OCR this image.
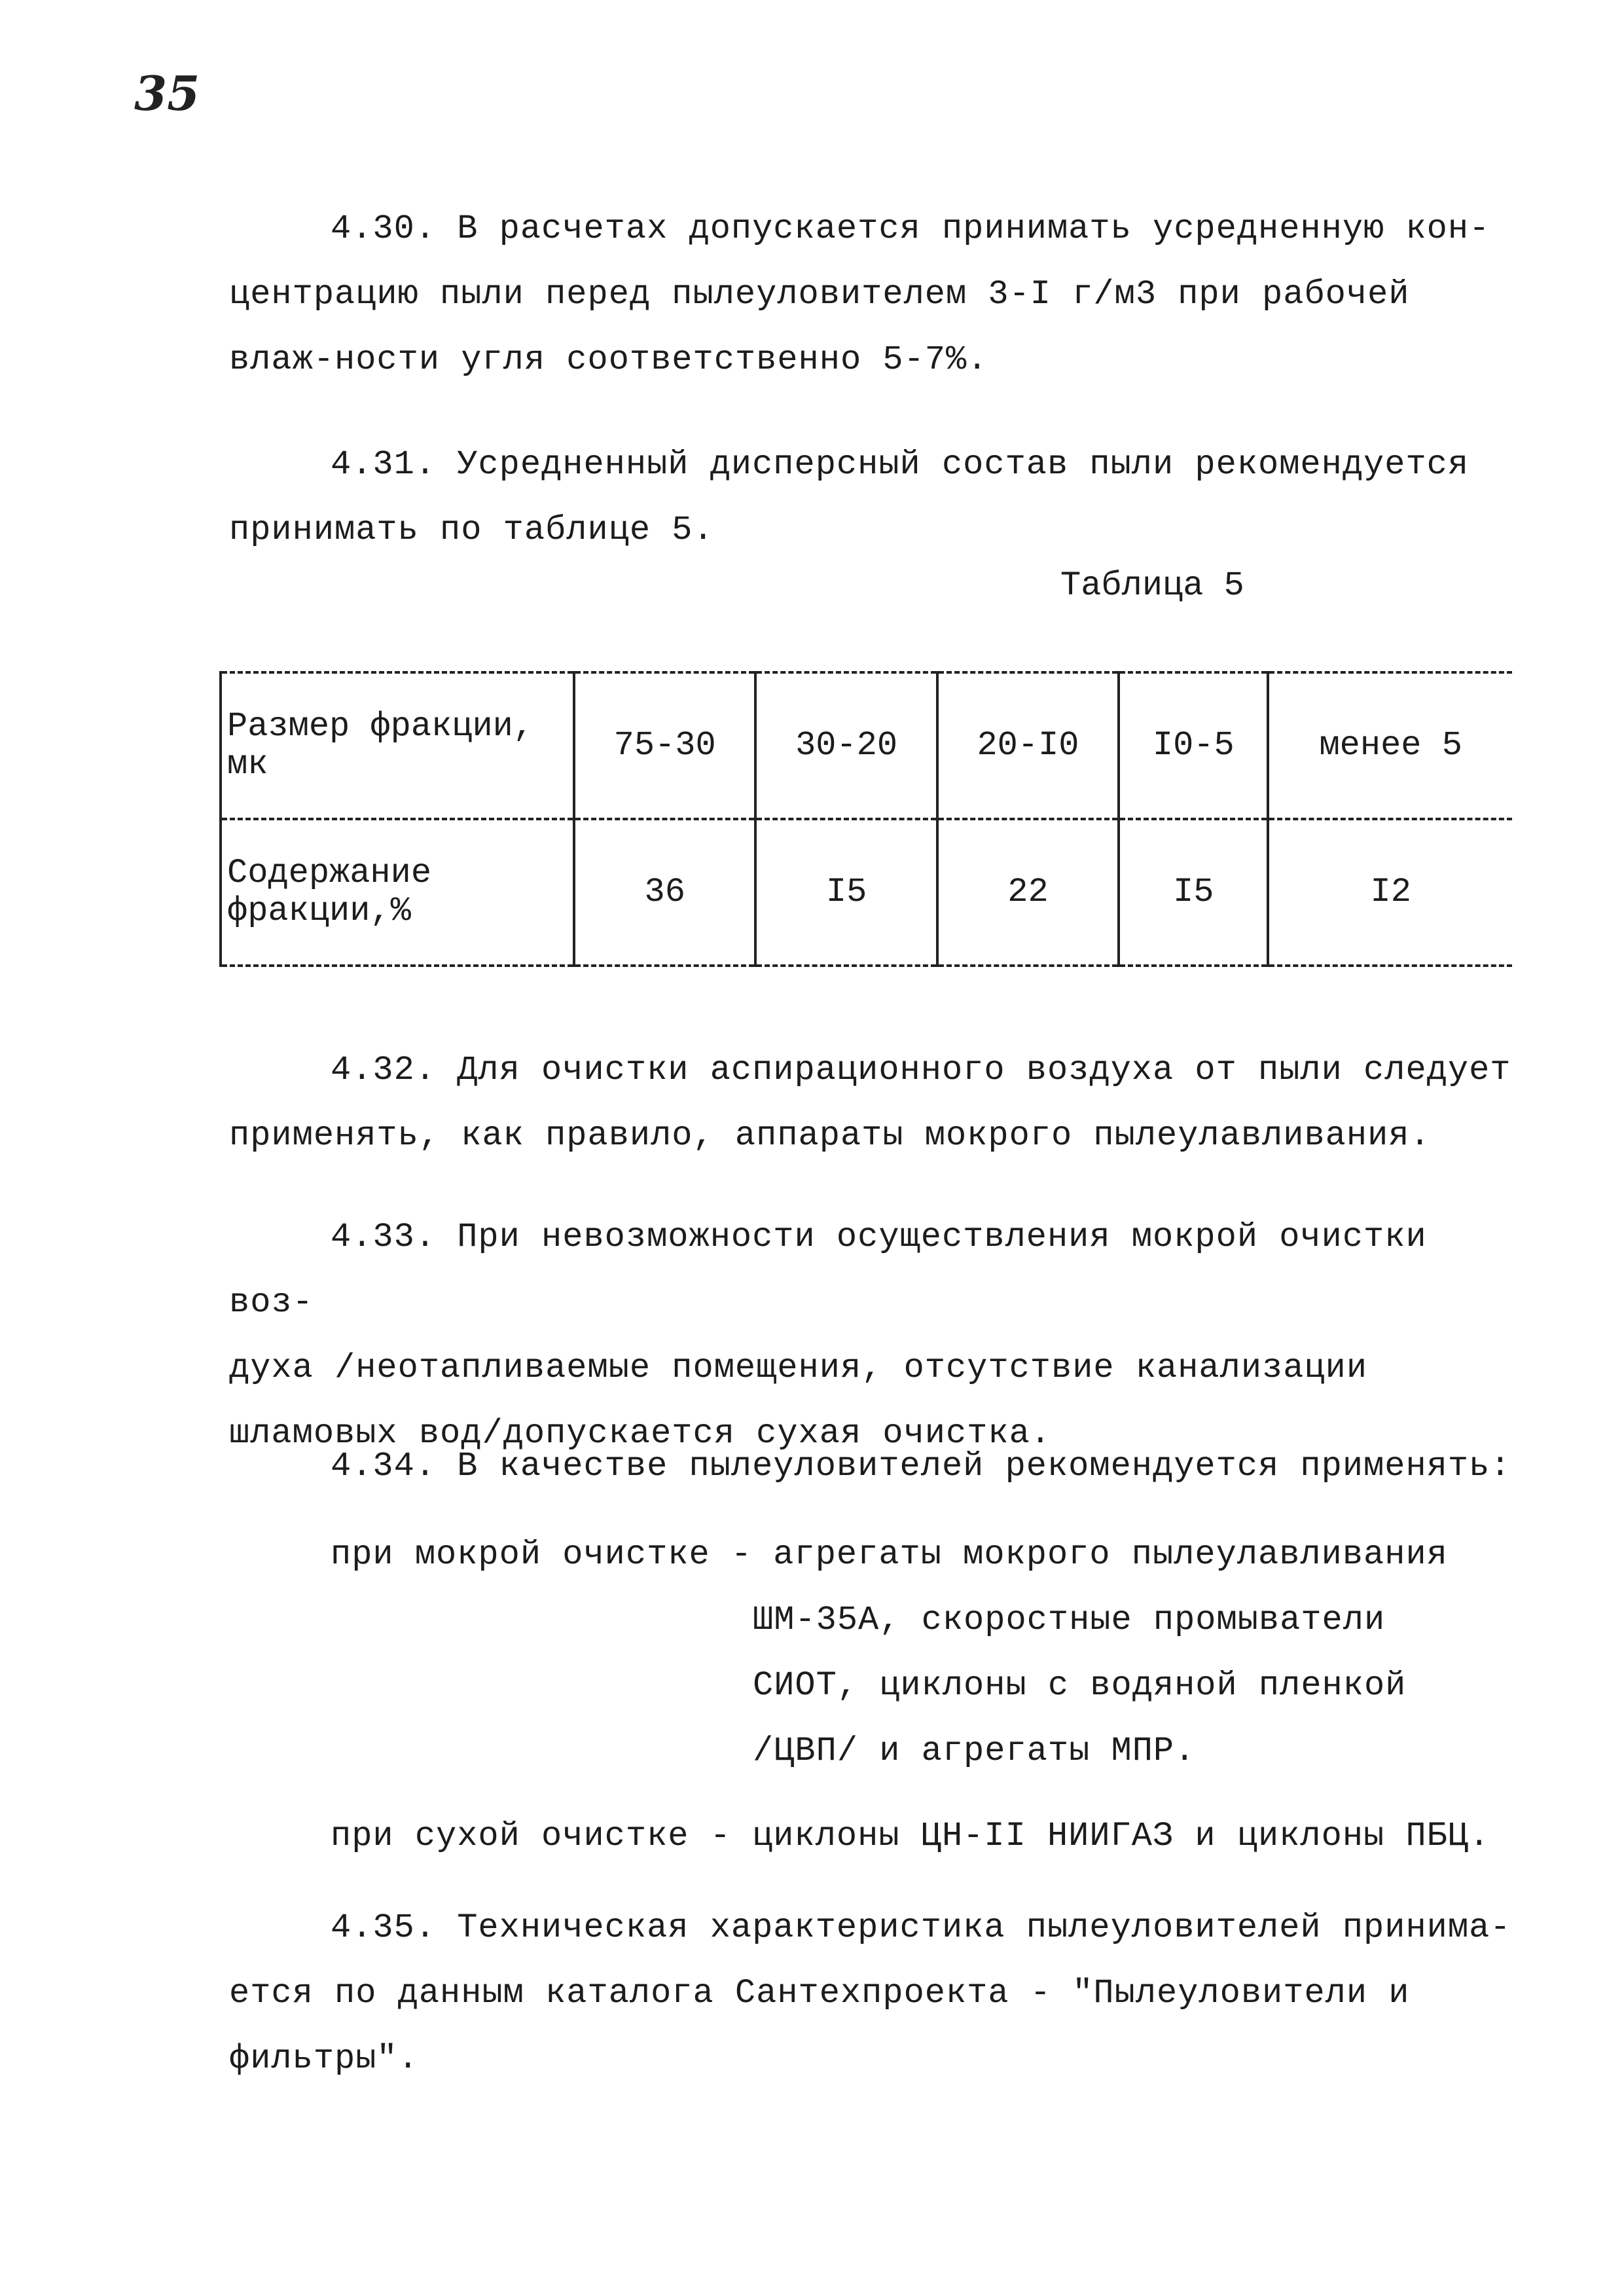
35

4.30. В расчетах допускается принимать усредненную кон-
центрацию пыли перед пылеуловителем 3-I г/м3 при рабочей влаж-ности угля соответственно 5-7%.

4.31. Усредненный дисперсный состав пыли рекомендуется
принимать по таблице 5.

Таблица 5
Размер фракции, мк	75-30	30-20	20-I0	I0-5	менее 5
Содержание фракции,%	36	I5	22	I5	I2

4.32. Для очистки аспирационного воздуха от пыли следует
применять, как правило, аппараты мокрого пылеулавливания.

4.33. При невозможности осуществления мокрой очистки воз-
духа /неотапливаемые помещения, отсутствие канализации шламовых вод/допускается сухая очистка.

4.34. В качестве пылеуловителей рекомендуется применять:

при мокрой очистке - агрегаты мокрого пылеулавливания
ШМ-35А, скоростные промыватели
СИОТ, циклоны с водяной пленкой
/ЦВП/ и агрегаты МПР.
при сухой очистке - циклоны ЦН-II НИИГАЗ и циклоны ПБЦ.

4.35. Техническая характеристика пылеуловителей принима-
ется по данным каталога Сантехпроекта - "Пылеуловители и фильтры".
